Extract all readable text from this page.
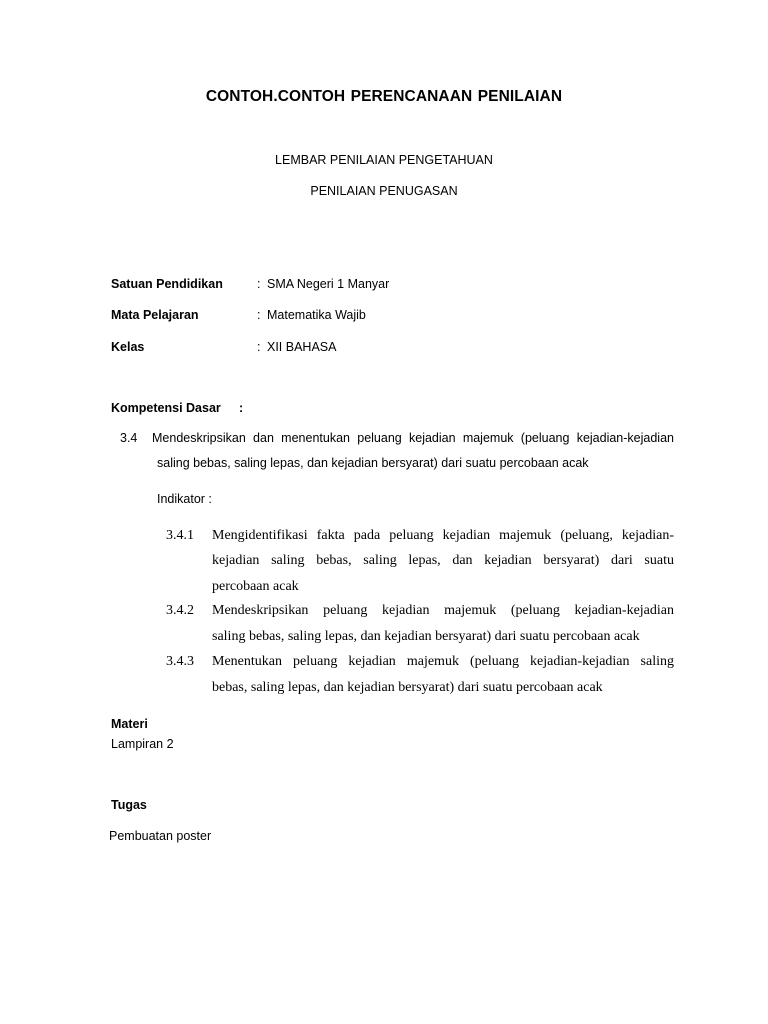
CONTOH.CONTOH PERENCANAAN PENILAIAN
LEMBAR PENILAIAN PENGETAHUAN
PENILAIAN PENUGASAN
Satuan Pendidikan	: SMA Negeri 1 Manyar
Mata Pelajaran	: Matematika Wajib
Kelas	: XII BAHASA
Kompetensi Dasar :
3.4 Mendeskripsikan dan menentukan peluang kejadian majemuk (peluang kejadian-kejadian
saling bebas, saling lepas, dan kejadian bersyarat) dari suatu percobaan acak
Indikator :
3.4.1 Mengidentifikasi fakta pada peluang kejadian majemuk (peluang, kejadian-
kejadian saling bebas, saling lepas, dan kejadian bersyarat) dari suatu
percobaan acak
3.4.2 Mendeskripsikan peluang kejadian majemuk (peluang kejadian-kejadian
saling bebas, saling lepas, dan kejadian bersyarat) dari suatu percobaan acak
3.4.3 Menentukan peluang kejadian majemuk (peluang kejadian-kejadian saling
bebas, saling lepas, dan kejadian bersyarat) dari suatu percobaan acak
Materi
Lampiran 2
Tugas
Pembuatan poster
